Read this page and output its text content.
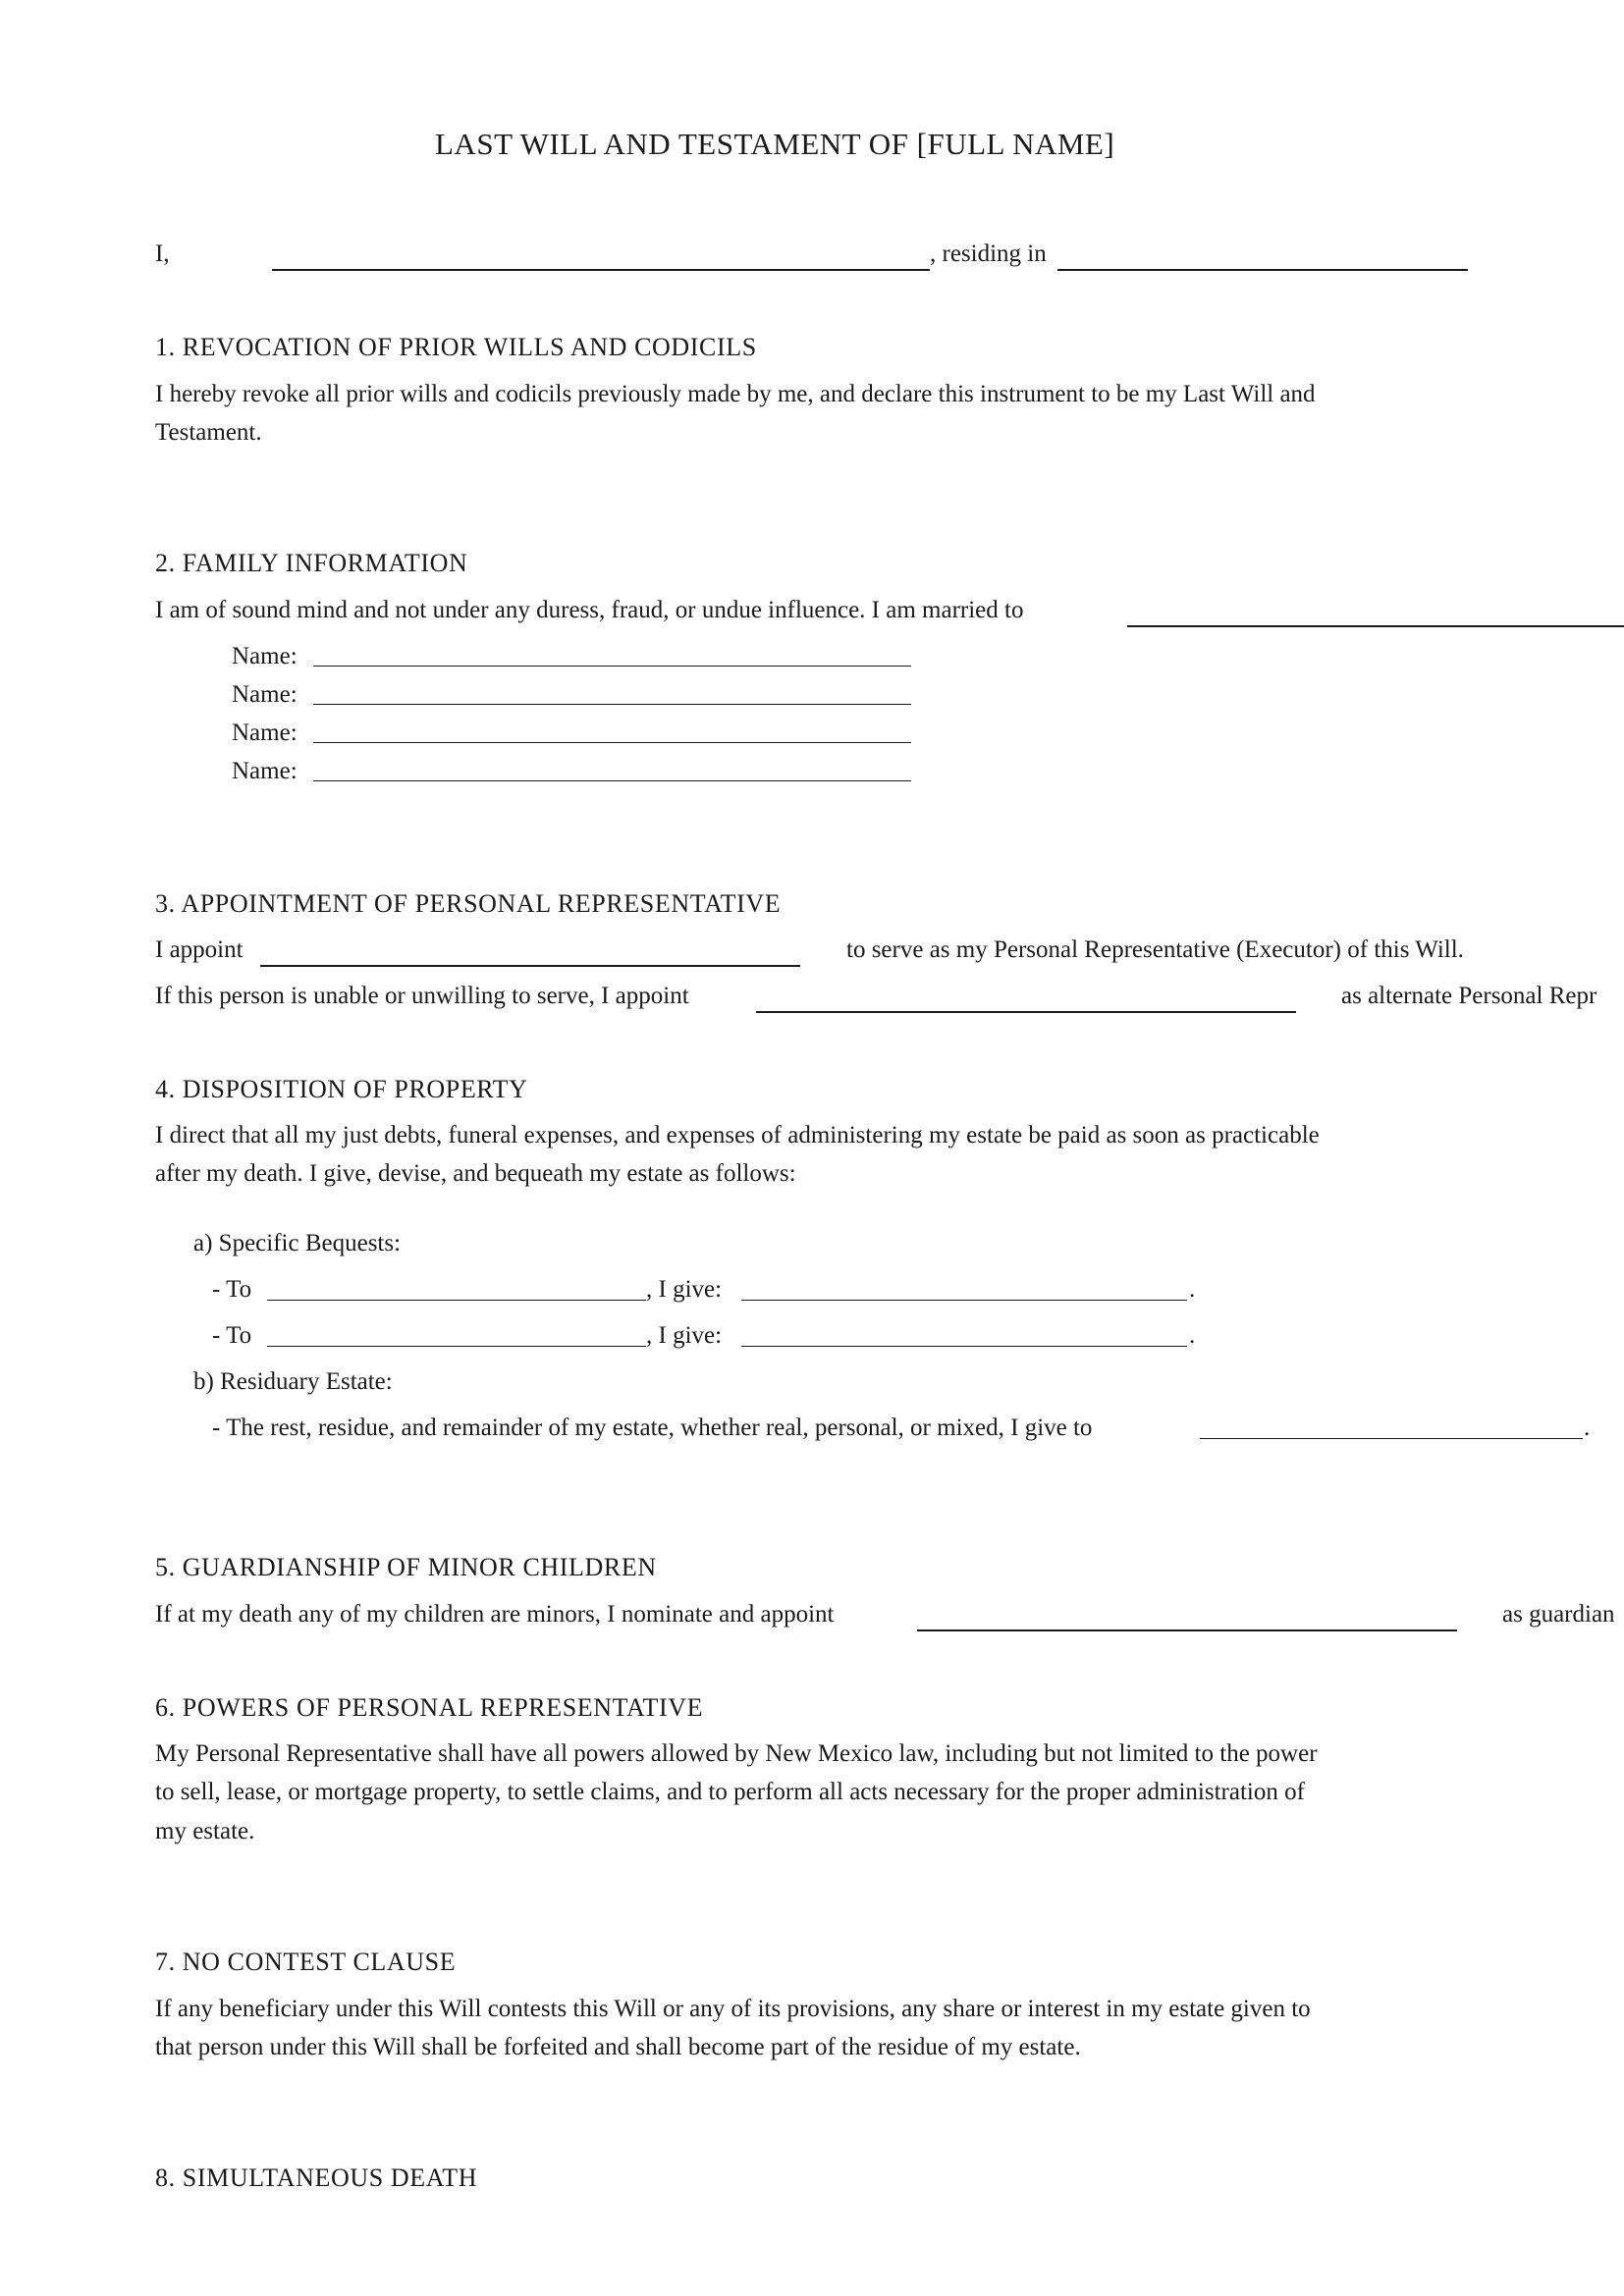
LAST WILL AND TESTAMENT OF [FULL NAME]
I,	, residing in
1. REVOCATION OF PRIOR WILLS AND CODICILS
I hereby revoke all prior wills and codicils previously made by me, and declare this instrument to be my Last Will and
Testament.
2. FAMILY INFORMATION
I am of sound mind and not under any duress, fraud, or undue influence. I am married to
Name:
Name:
Name:
Name:
3. APPOINTMENT OF PERSONAL REPRESENTATIVE
I appoint	to serve as my Personal Representative (Executor) of this Will.
If this person is unable or unwilling to serve, I appoint	as alternate Personal Repr
4. DISPOSITION OF PROPERTY
I direct that all my just debts, funeral expenses, and expenses of administering my estate be paid as soon as practicable
after my death. I give, devise, and bequeath my estate as follows:
a) Specific Bequests:
- To	, I give:	.
- To	, I give:	.
b) Residuary Estate:
- The rest, residue, and remainder of my estate, whether real, personal, or mixed, I give to	.
5. GUARDIANSHIP OF MINOR CHILDREN
If at my death any of my children are minors, I nominate and appoint	as guardian
6. POWERS OF PERSONAL REPRESENTATIVE
My Personal Representative shall have all powers allowed by New Mexico law, including but not limited to the power
to sell, lease, or mortgage property, to settle claims, and to perform all acts necessary for the proper administration of
my estate.
7. NO CONTEST CLAUSE
If any beneficiary under this Will contests this Will or any of its provisions, any share or interest in my estate given to
that person under this Will shall be forfeited and shall become part of the residue of my estate.
8. SIMULTANEOUS DEATH
